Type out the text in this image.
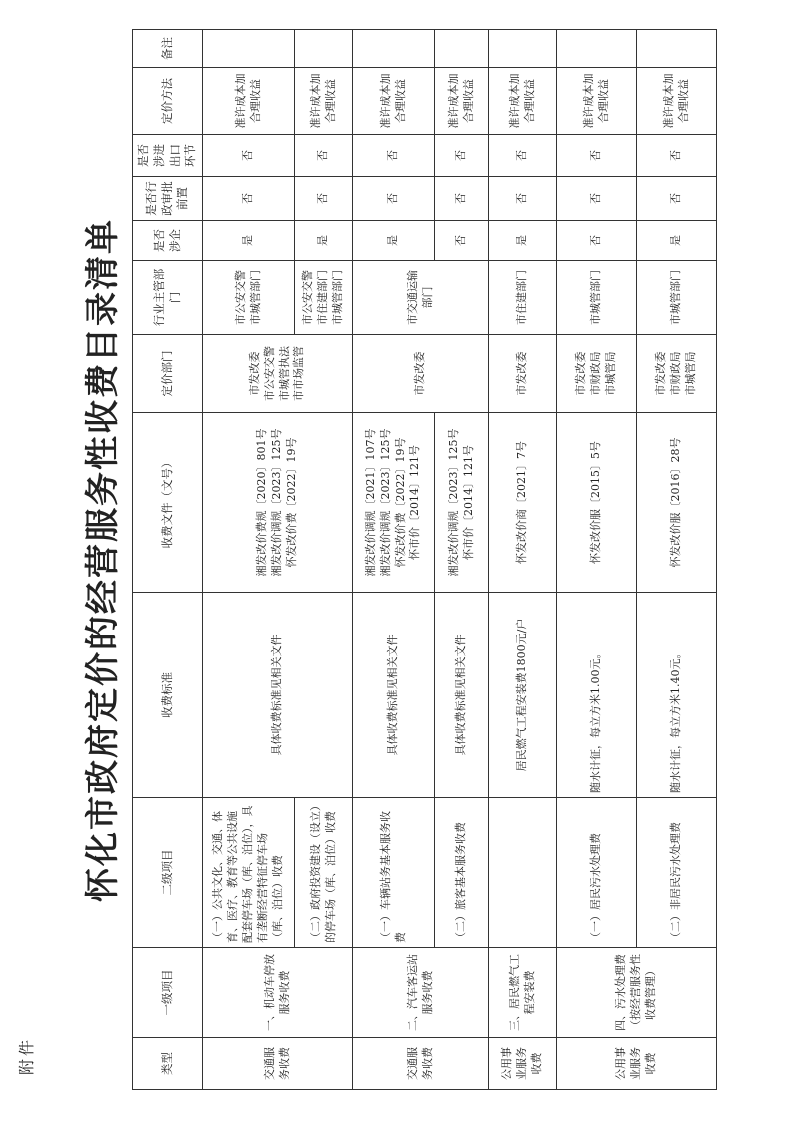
附件
怀化市政府定价的经营服务性收费目录清单
类型	一级项目	二级项目	收费标准	收费文件（文号）	定价部门	行业主管部门	是否涉企	是否行政审批前置	是否涉进出口环节	定价方法	备注
交通服务收费	一、机动车停放服务收费	（一）公共文化、交通、体育、医疗、教育等公共设施配套停车场（库、泊位），具有垄断经营特征停车场（库、泊位）收费	具体收费标准见相关文件	湘发改价费规〔2020〕801号 湘发改价调规〔2023〕125号 怀发改价费〔2022〕19号	市发改委 市公安交警 市城管执法 市市场监管	市公安交警 市城管部门	是	否	否	准许成本加合理收益	
		（二）政府投资建设（设立）的停车场（库、泊位）收费				市公安交警 市住建部门 市城管部门	是	否	否	准许成本加合理收益	
交通服务收费	二、汽车客运站服务收费	（一）车辆站务基本服务收费	具体收费标准见相关文件	湘发改价调规〔2021〕107号 湘发改价调规〔2023〕125号 怀发改价费〔2022〕19号 怀市价〔2014〕121号	市发改委	市交通运输部门	是	否	否	准许成本加合理收益	
		（二）旅客基本服务收费	具体收费标准见相关文件	湘发改价调规〔2023〕125号 怀市价〔2014〕121号			否	否	否	准许成本加合理收益	
公用事业服务收费	三、居民燃气工程安装费		居民燃气工程安装费1800元/户	怀发改价商〔2021〕7号	市发改委	市住建部门	是	否	否	准许成本加合理收益	
公用事业服务收费	四、污水处理费（按经营服务性收费管理）	（一）居民污水处理费	随水计征，每立方米1.00元。	怀发改价服〔2015〕5号	市发改委 市财政局 市城管局	市城管部门	否	否	否	准许成本加合理收益	
		（二）非居民污水处理费	随水计征，每立方米1.40元。	怀发改价服〔2016〕28号	市发改委 市财政局 市城管局	市城管部门	是	否	否	准许成本加合理收益	
